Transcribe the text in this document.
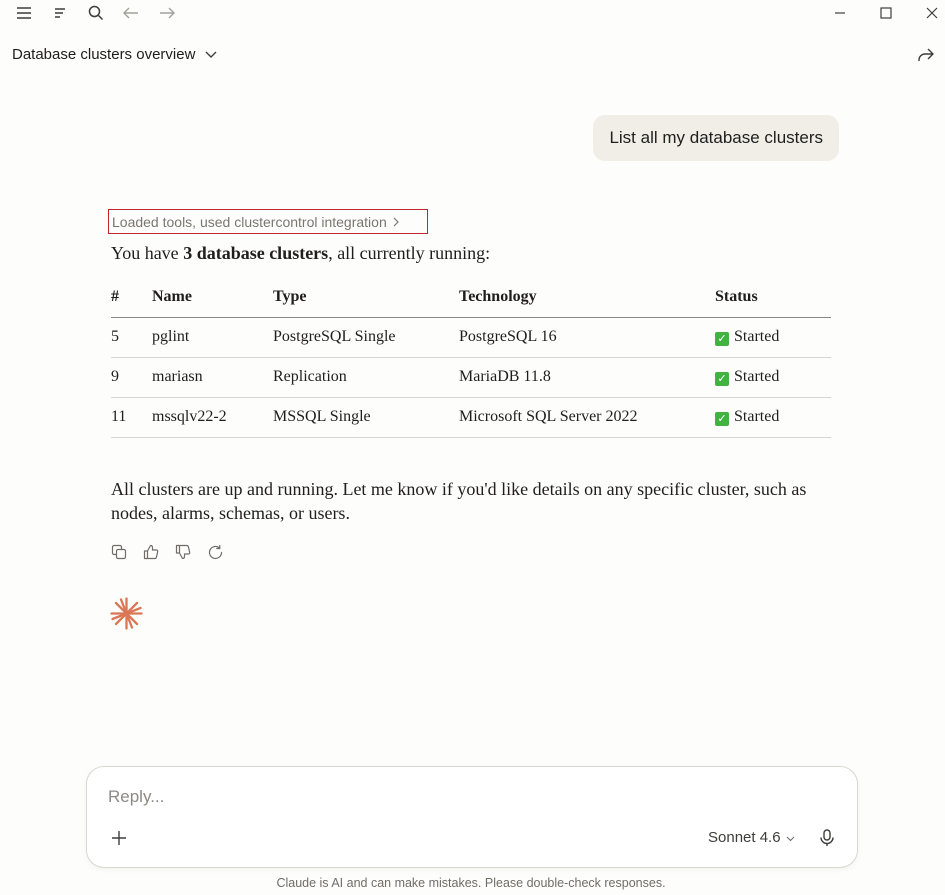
Database clusters overview
List all my database clusters
Loaded tools, used clustercontrol integration

You have 3 database clusters, all currently running:

#	Name	Type	Technology	Status
5	pglint	PostgreSQL Single	PostgreSQL 16	✓ Started
9	mariasn	Replication	MariaDB 11.8	✓ Started
11	mssqlv22-2	MSSQL Single	Microsoft SQL Server 2022	✓ Started

All clusters are up and running. Let me know if you'd like details on any specific cluster, such as nodes, alarms, schemas, or users.

Reply...
Sonnet 4.6
Claude is AI and can make mistakes. Please double-check responses.
